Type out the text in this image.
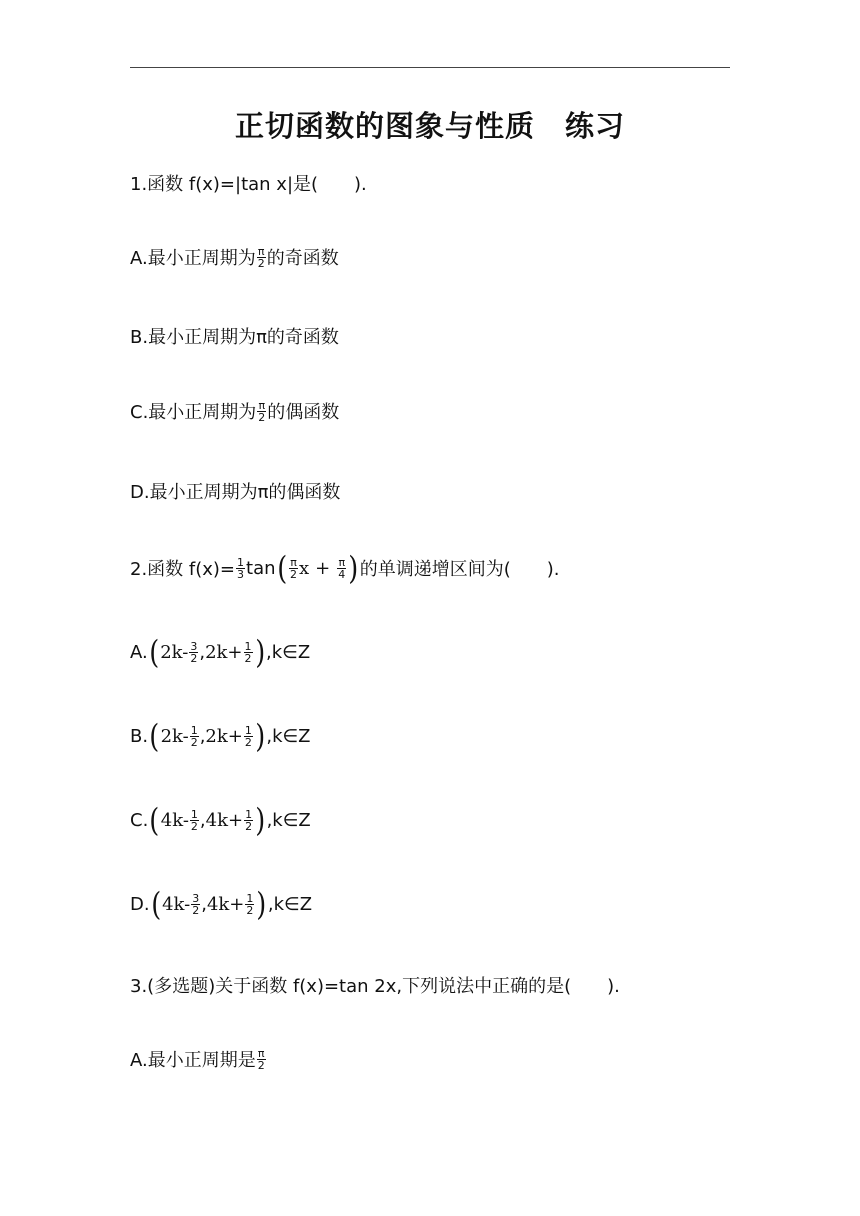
正切函数的图象与性质　练习
1.函数 f(x)=|tan x|是(　　).
A.最小正周期为 $\frac{\pi}{2}$ 的奇函数
B.最小正周期为π的奇函数
C.最小正周期为 $\frac{\pi}{2}$ 的偶函数
D.最小正周期为π的偶函数
2.函数 $f(x)= \frac{1}{3}$ tan ( $\frac{\pi}{2}$ $x + \frac{\pi}{4}$ ) 的单调递增区间为(　　).
A. ( $2k- \frac{3}{2}$ , $2k+ \frac{1}{2}$ ) ,k∈Z
B. ( $2k- \frac{1}{2}$ , $2k+ \frac{1}{2}$ ) ,k∈Z
C. ( $4k- \frac{1}{2}$ , $4k+ \frac{1}{2}$ ) ,k∈Z
D. ( $4k- \frac{3}{2}$ , $4k+ \frac{1}{2}$ ) ,k∈Z
3.(多选题)关于函数 f(x)=tan 2x,下列说法中正确的是(　　).
A.最小正周期是 $\frac{\pi}{2}$
